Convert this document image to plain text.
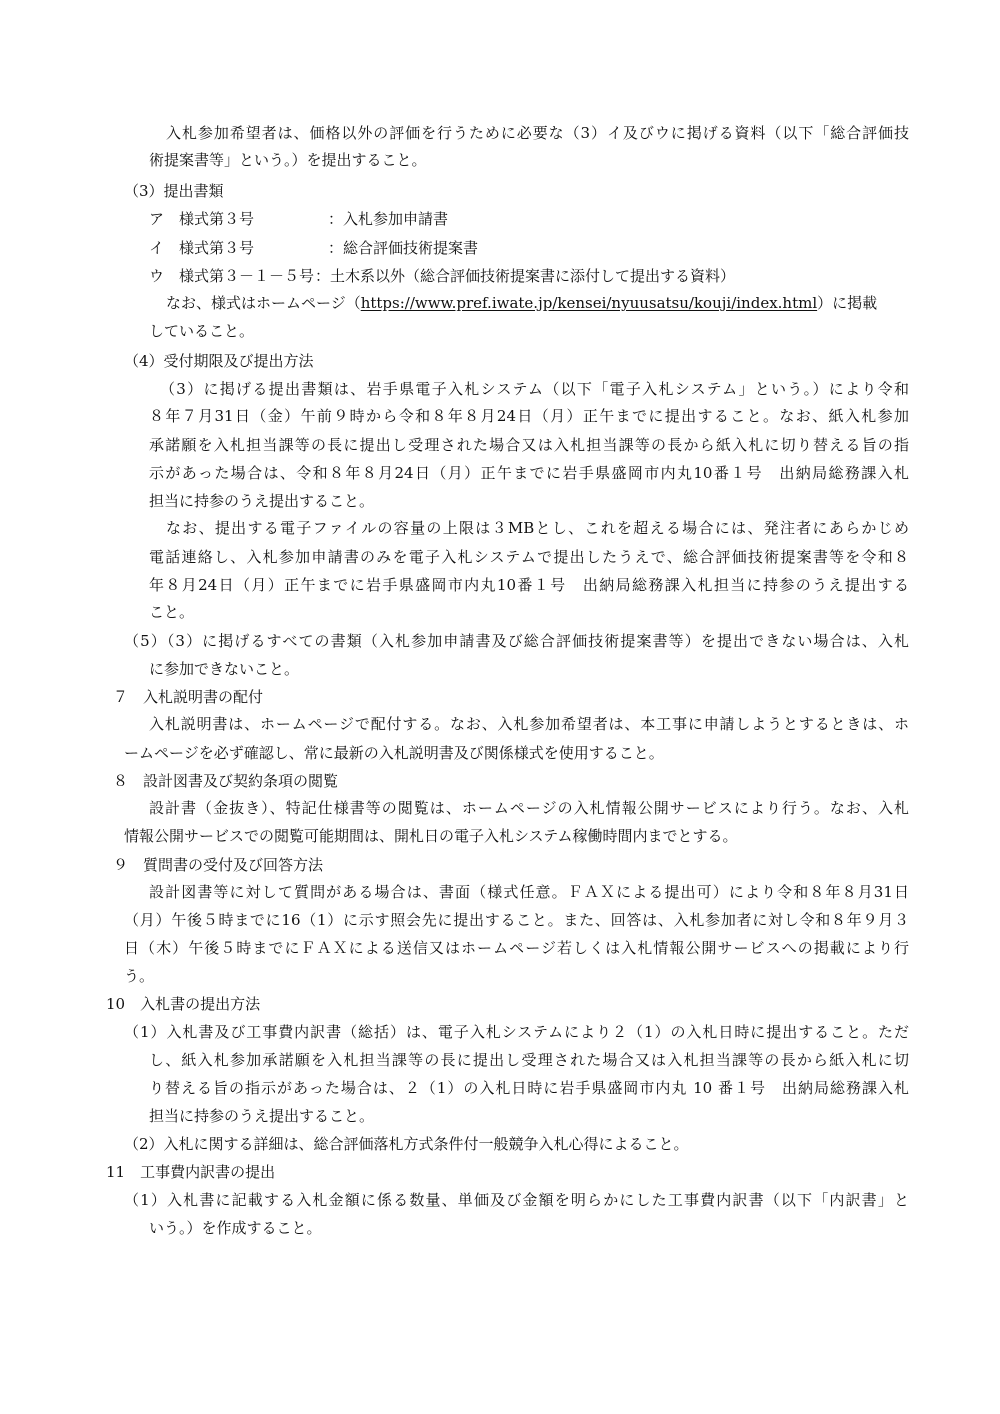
入札参加希望者は、価格以外の評価を行うために必要な（3）イ及びウに掲げる資料（以下「総合評価技

術提案書等」という。）を提出すること。

（3）提出書類

ア　様式第３号	：入札参加申請書

イ　様式第３号	：総合評価技術提案書

ウ　様式第３－１－５号 ：土木系以外（総合評価技術提案書に添付して提出する資料）

なお、様式はホームページ（https://www.pref.iwate.jp/kensei/nyuusatsu/kouji/index.html）に掲載

していること。

（4）受付期限及び提出方法

（3）に掲げる提出書類は、岩手県電子入札システム（以下「電子入札システム」という。）により令和

８年７月31日（金）午前９時から令和８年８月24日（月）正午までに提出すること。なお、紙入札参加

承諾願を入札担当課等の長に提出し受理された場合又は入札担当課等の長から紙入札に切り替える旨の指

示があった場合は、令和８年８月24日（月）正午までに岩手県盛岡市内丸10番１号　出納局総務課入札

担当に持参のうえ提出すること。

なお、提出する電子ファイルの容量の上限は３MBとし、これを超える場合には、発注者にあらかじめ

電話連絡し、入札参加申請書のみを電子入札システムで提出したうえで、総合評価技術提案書等を令和８

年８月24日（月）正午までに岩手県盛岡市内丸10番１号　出納局総務課入札担当に持参のうえ提出する

こと。

（5）（3）に掲げるすべての書類（入札参加申請書及び総合評価技術提案書等）を提出できない場合は、入札

に参加できないこと。

７　入札説明書の配付

入札説明書は、ホームページで配付する。なお、入札参加希望者は、本工事に申請しようとするときは、ホ

ームページを必ず確認し、常に最新の入札説明書及び関係様式を使用すること。

８　設計図書及び契約条項の閲覧

設計書（金抜き）、特記仕様書等の閲覧は、ホームページの入札情報公開サービスにより行う。なお、入札

情報公開サービスでの閲覧可能期間は、開札日の電子入札システム稼働時間内までとする。

９　質問書の受付及び回答方法

設計図書等に対して質問がある場合は、書面（様式任意。ＦＡＸによる提出可）により令和８年８月31日

（月）午後５時までに16（1）に示す照会先に提出すること。また、回答は、入札参加者に対し令和８年９月３

日（木）午後５時までにＦＡＸによる送信又はホームページ若しくは入札情報公開サービスへの掲載により行

う。

10　入札書の提出方法

（1）入札書及び工事費内訳書（総括）は、電子入札システムにより２（1）の入札日時に提出すること。ただ

し、紙入札参加承諾願を入札担当課等の長に提出し受理された場合又は入札担当課等の長から紙入札に切

り替える旨の指示があった場合は、２（1）の入札日時に岩手県盛岡市内丸 10 番１号　出納局総務課入札

担当に持参のうえ提出すること。

（2）入札に関する詳細は、総合評価落札方式条件付一般競争入札心得によること。

11　工事費内訳書の提出

（1）入札書に記載する入札金額に係る数量、単価及び金額を明らかにした工事費内訳書（以下「内訳書」と

いう。）を作成すること。
